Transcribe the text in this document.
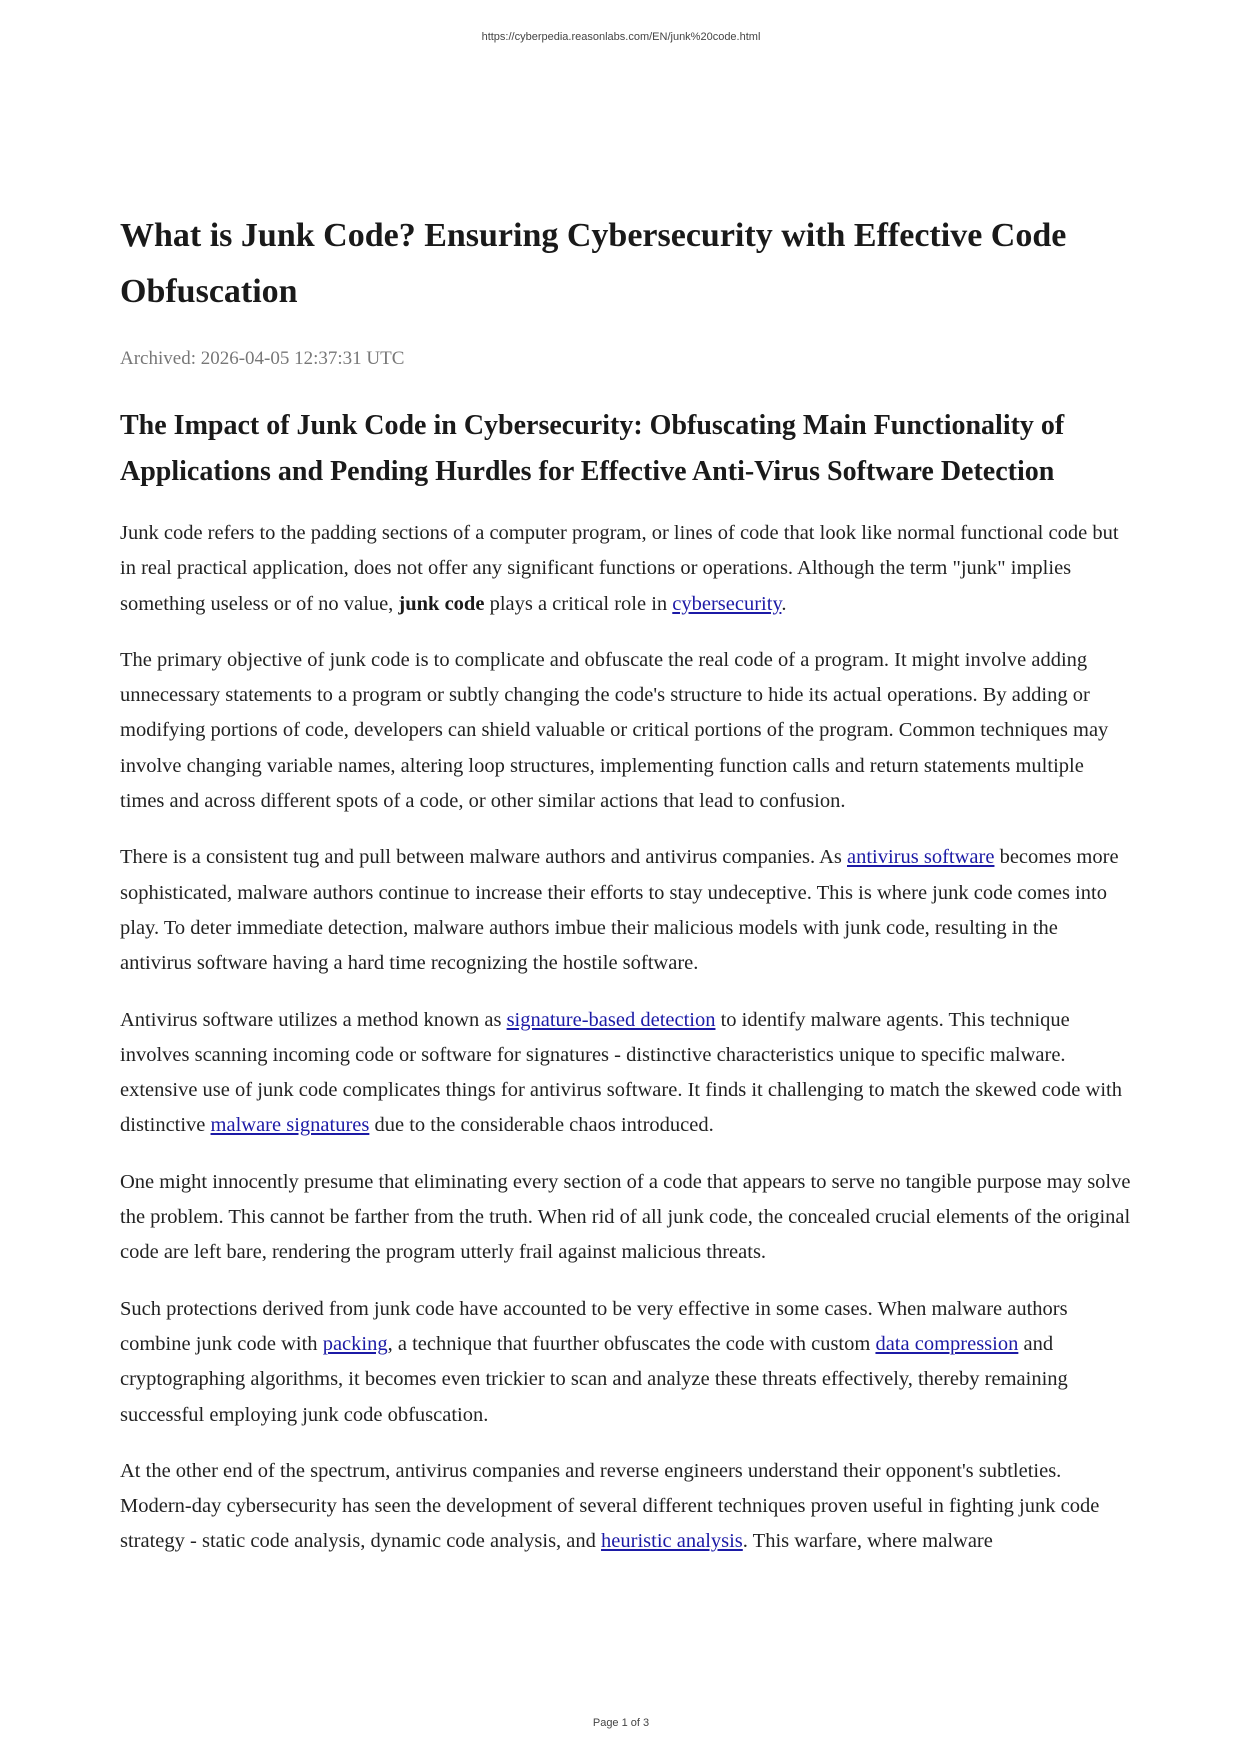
https://cyberpedia.reasonlabs.com/EN/junk%20code.html
What is Junk Code? Ensuring Cybersecurity with Effective Code Obfuscation
Archived: 2026-04-05 12:37:31 UTC
The Impact of Junk Code in Cybersecurity: Obfuscating Main Functionality of Applications and Pending Hurdles for Effective Anti-Virus Software Detection

Junk code refers to the padding sections of a computer program, or lines of code that look like normal functional code but in real practical application, does not offer any significant functions or operations. Although the term "junk" implies something useless or of no value, junk code plays a critical role in cybersecurity.

The primary objective of junk code is to complicate and obfuscate the real code of a program. It might involve adding unnecessary statements to a program or subtly changing the code's structure to hide its actual operations. By adding or modifying portions of code, developers can shield valuable or critical portions of the program. Common techniques may involve changing variable names, altering loop structures, implementing function calls and return statements multiple times and across different spots of a code, or other similar actions that lead to confusion.

There is a consistent tug and pull between malware authors and antivirus companies. As antivirus software becomes more sophisticated, malware authors continue to increase their efforts to stay undeceptive. This is where junk code comes into play. To deter immediate detection, malware authors imbue their malicious models with junk code, resulting in the antivirus software having a hard time recognizing the hostile software.

Antivirus software utilizes a method known as signature-based detection to identify malware agents. This technique involves scanning incoming code or software for signatures - distinctive characteristics unique to specific malware. extensive use of junk code complicates things for antivirus software. It finds it challenging to match the skewed code with distinctive malware signatures due to the considerable chaos introduced.

One might innocently presume that eliminating every section of a code that appears to serve no tangible purpose may solve the problem. This cannot be farther from the truth. When rid of all junk code, the concealed crucial elements of the original code are left bare, rendering the program utterly frail against malicious threats.

Such protections derived from junk code have accounted to be very effective in some cases. When malware authors combine junk code with packing, a technique that fuurther obfuscates the code with custom data compression and cryptographing algorithms, it becomes even trickier to scan and analyze these threats effectively, thereby remaining successful employing junk code obfuscation.

At the other end of the spectrum, antivirus companies and reverse engineers understand their opponent's subtleties. Modern-day cybersecurity has seen the development of several different techniques proven useful in fighting junk code strategy - static code analysis, dynamic code analysis, and heuristic analysis. This warfare, where malware

Page 1 of 3
